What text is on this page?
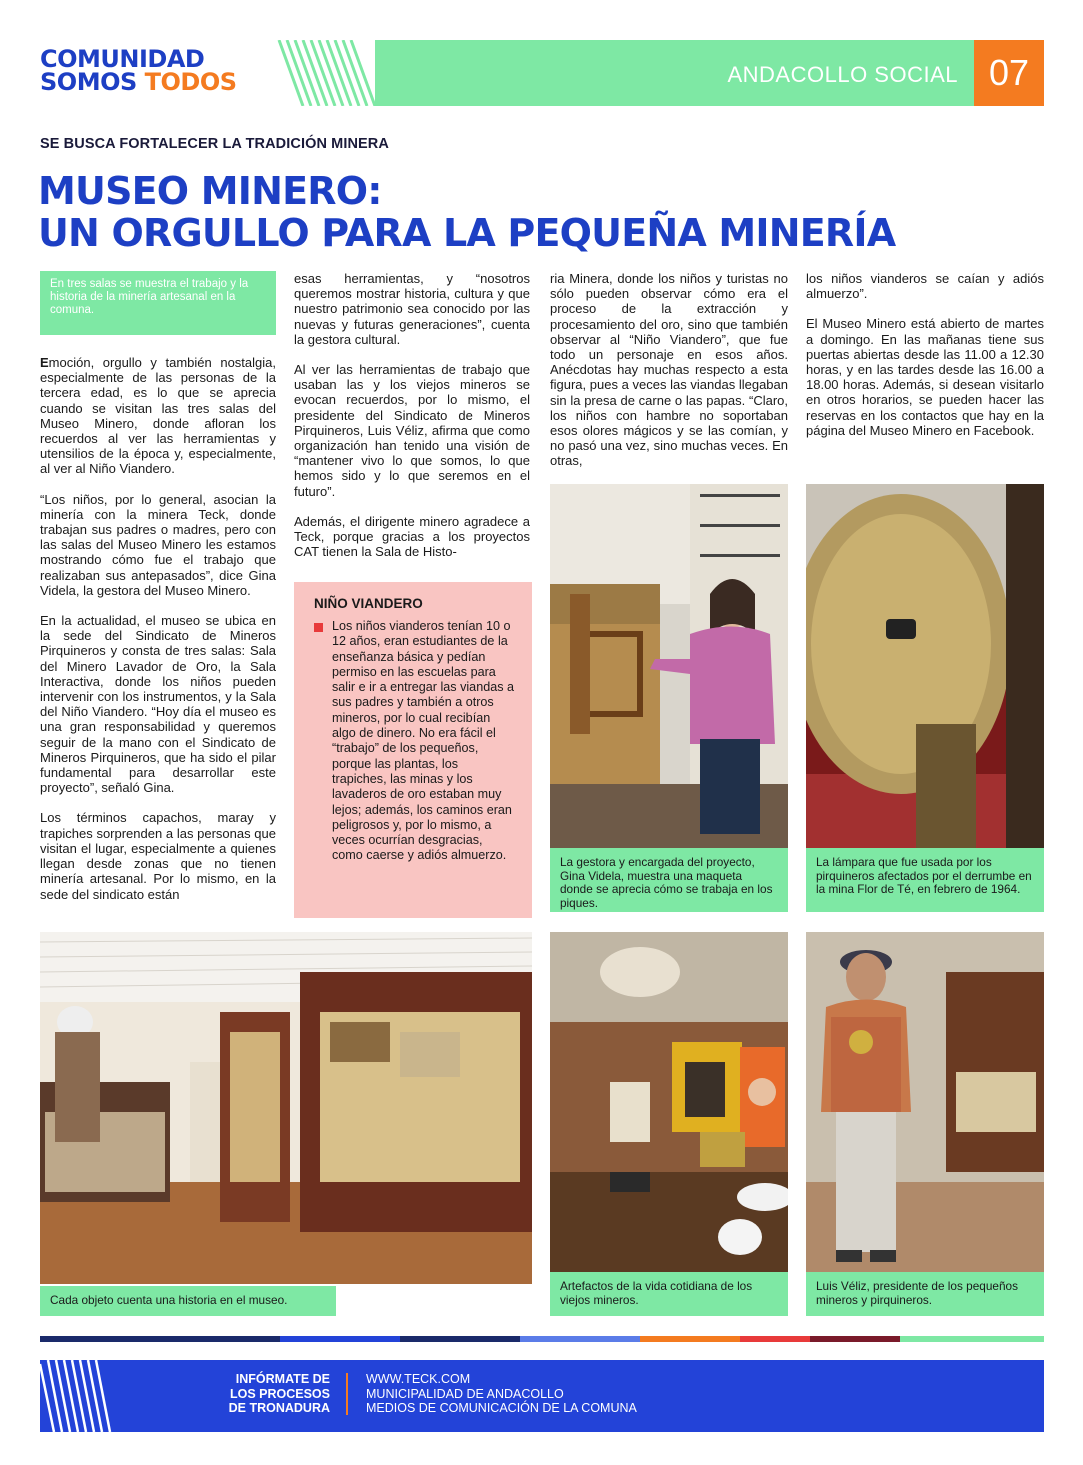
COMUNIDAD
SOMOS TODOS	ANDACOLLO SOCIAL 07
SE BUSCA FORTALECER LA TRADICIÓN MINERA
MUSEO MINERO:
UN ORGULLO PARA LA PEQUEÑA MINERÍA
En tres salas se muestra el trabajo y la historia de la minería artesanal en la comuna.

Emoción, orgullo y también nostalgia, especialmente de las personas de la tercera edad, es lo que se aprecia cuando se visitan las tres salas del Museo Minero, donde afloran los recuerdos al ver las herramientas y utensilios de la época y, especialmente, al ver al Niño Viandero.

“Los niños, por lo general, asocian la minería con la minera Teck, donde trabajan sus padres o madres, pero con las salas del Museo Minero les estamos mostrando cómo fue el trabajo que realizaban sus antepasados”, dice Gina Videla, la gestora del Museo Minero.

En la actualidad, el museo se ubica en la sede del Sindicato de Mineros Pirquineros y consta de tres salas: Sala del Minero Lavador de Oro, la Sala Interactiva, donde los niños pueden intervenir con los instrumentos, y la Sala del Niño Viandero. “Hoy día el museo es una gran responsabilidad y queremos seguir de la mano con el Sindicato de Mineros Pirquineros, que ha sido el pilar fundamental para desarrollar este proyecto”, señaló Gina.

Los términos capachos, maray y trapiches sorprenden a las personas que visitan el lugar, especialmente a quienes llegan desde zonas que no tienen minería artesanal. Por lo mismo, en la sede del sindicato están

esas herramientas, y “nosotros queremos mostrar historia, cultura y que nuestro patrimonio sea conocido por las nuevas y futuras generaciones”, cuenta la gestora cultural.

Al ver las herramientas de trabajo que usaban las y los viejos mineros se evocan recuerdos, por lo mismo, el presidente del Sindicato de Mineros Pirquineros, Luis Véliz, afirma que como organización han tenido una visión de “mantener vivo lo que somos, lo que hemos sido y lo que seremos en el futuro”.

Además, el dirigente minero agradece a Teck, porque gracias a los proyectos CAT tienen la Sala de Histo-

NIÑO VIANDERO
Los niños vianderos tenían 10 o 12 años, eran estudiantes de la enseñanza básica y pedían permiso en las escuelas para salir e ir a entregar las viandas a sus padres y también a otros mineros, por lo cual recibían algo de dinero. No era fácil el “trabajo” de los pequeños, porque las plantas, los trapiches, las minas y los lavaderos de oro estaban muy lejos; además, los caminos eran peligrosos y, por lo mismo, a veces ocurrían desgracias, como caerse y adiós almuerzo.

ria Minera, donde los niños y turistas no sólo pueden observar cómo era el proceso de la extracción y procesamiento del oro, sino que también observar al “Niño Viandero”, que fue todo un personaje en esos años. Anécdotas hay muchas respecto a esta figura, pues a veces las viandas llegaban sin la presa de carne o las papas. “Claro, los niños con hambre no soportaban esos olores mágicos y se las comían, y no pasó una vez, sino muchas veces. En otras,

los niños vianderos se caían y adiós almuerzo”.

El Museo Minero está abierto de martes a domingo. En las mañanas tiene sus puertas abiertas desde las 11.00 a 12.30 horas, y en las tardes desde las 16.00 a 18.00 horas. Además, si desean visitarlo en otros horarios, se pueden hacer las reservas en los contactos que hay en la página del Museo Minero en Facebook.

La gestora y encargada del proyecto, Gina Videla, muestra una maqueta donde se aprecia cómo se trabaja en los piques.
La lámpara que fue usada por los pirquineros afectados por el derrumbe en la mina Flor de Té, en febrero de 1964.
Cada objeto cuenta una historia en el museo.
Artefactos de la vida cotidiana de los viejos mineros.
Luis Véliz, presidente de los pequeños mineros y pirquineros.
INFÓRMATE DE
LOS PROCESOS
DE TRONADURA
WWW.TECK.COM
MUNICIPALIDAD DE ANDACOLLO
MEDIOS DE COMUNICACIÓN DE LA COMUNA
